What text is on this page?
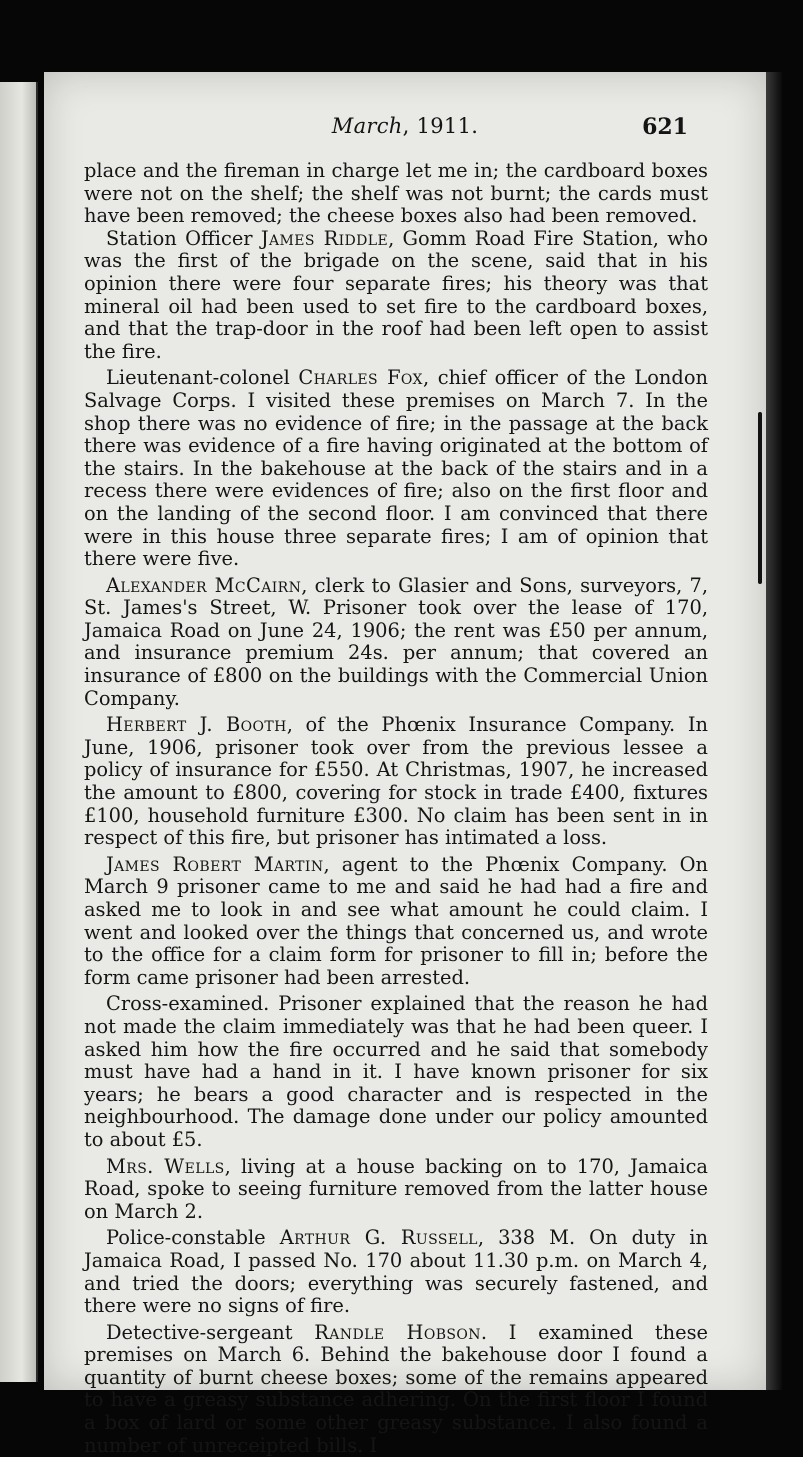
March, 1911.	621

place and the fireman in charge let me in; the cardboard boxes were not on the shelf; the shelf was not burnt; the cards must have been removed; the cheese boxes also had been removed.

Station Officer James Riddle, Gomm Road Fire Station, who was the first of the brigade on the scene, said that in his opinion there were four separate fires; his theory was that mineral oil had been used to set fire to the cardboard boxes, and that the trap-door in the roof had been left open to assist the fire.

Lieutenant-colonel Charles Fox, chief officer of the London Salvage Corps. I visited these premises on March 7. In the shop there was no evidence of fire; in the passage at the back there was evidence of a fire having originated at the bottom of the stairs. In the bakehouse at the back of the stairs and in a recess there were evidences of fire; also on the first floor and on the landing of the second floor. I am convinced that there were in this house three separate fires; I am of opinion that there were five.

Alexander McCairn, clerk to Glasier and Sons, surveyors, 7, St. James's Street, W. Prisoner took over the lease of 170, Jamaica Road on June 24, 1906; the rent was £50 per annum, and insurance premium 24s. per annum; that covered an insurance of £800 on the buildings with the Commercial Union Company.

Herbert J. Booth, of the Phœnix Insurance Company. In June, 1906, prisoner took over from the previous lessee a policy of insurance for £550. At Christmas, 1907, he increased the amount to £800, covering for stock in trade £400, fixtures £100, household furniture £300. No claim has been sent in in respect of this fire, but prisoner has intimated a loss.

James Robert Martin, agent to the Phœnix Company. On March 9 prisoner came to me and said he had had a fire and asked me to look in and see what amount he could claim. I went and looked over the things that concerned us, and wrote to the office for a claim form for prisoner to fill in; before the form came prisoner had been arrested.

Cross-examined. Prisoner explained that the reason he had not made the claim immediately was that he had been queer. I asked him how the fire occurred and he said that somebody must have had a hand in it. I have known prisoner for six years; he bears a good character and is respected in the neighbourhood. The damage done under our policy amounted to about £5.

Mrs. Wells, living at a house backing on to 170, Jamaica Road, spoke to seeing furniture removed from the latter house on March 2.

Police-constable Arthur G. Russell, 338 M. On duty in Jamaica Road, I passed No. 170 about 11.30 p.m. on March 4, and tried the doors; everything was securely fastened, and there were no signs of fire.

Detective-sergeant Randle Hobson. I examined these premises on March 6. Behind the bakehouse door I found a quantity of burnt cheese boxes; some of the remains appeared to have a greasy substance adhering. On the first floor I found a box of lard or some other greasy substance. I also found a number of unreceipted bills. I
